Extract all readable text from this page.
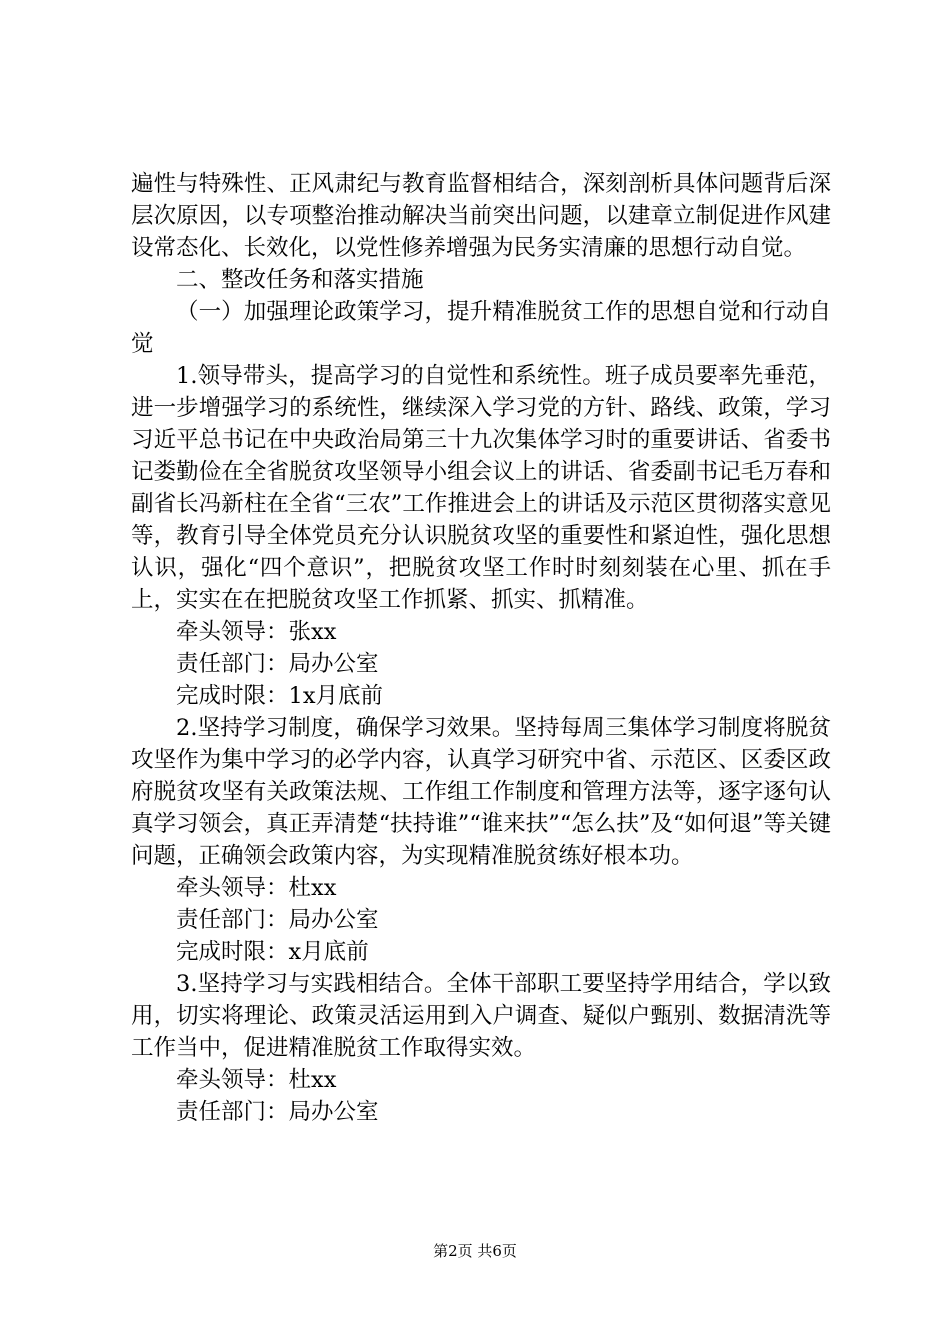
遍性与特殊性、正风肃纪与教育监督相结合，深刻剖析具体问题背后深层次原因，以专项整治推动解决当前突出问题，以建章立制促进作风建设常态化、长效化，以党性修养增强为民务实清廉的思想行动自觉。

二、整改任务和落实措施

（一）加强理论政策学习，提升精准脱贫工作的思想自觉和行动自觉

1.领导带头，提高学习的自觉性和系统性。班子成员要率先垂范，进一步增强学习的系统性，继续深入学习党的方针、路线、政策，学习习近平总书记在中央政治局第三十九次集体学习时的重要讲话、省委书记娄勤俭在全省脱贫攻坚领导小组会议上的讲话、省委副书记毛万春和副省长冯新柱在全省“三农”工作推进会上的讲话及示范区贯彻落实意见等，教育引导全体党员充分认识脱贫攻坚的重要性和紧迫性，强化思想认识，强化“四个意识”，把脱贫攻坚工作时时刻刻装在心里、抓在手上，实实在在把脱贫攻坚工作抓紧、抓实、抓精准。

牵头领导：张xx

责任部门：局办公室

完成时限：1x月底前

2.坚持学习制度，确保学习效果。坚持每周三集体学习制度将脱贫攻坚作为集中学习的必学内容，认真学习研究中省、示范区、区委区政府脱贫攻坚有关政策法规、工作组工作制度和管理方法等，逐字逐句认真学习领会，真正弄清楚“扶持谁”“谁来扶”“怎么扶”及“如何退”等关键问题，正确领会政策内容，为实现精准脱贫练好根本功。

牵头领导：杜xx

责任部门：局办公室

完成时限：x月底前

3.坚持学习与实践相结合。全体干部职工要坚持学用结合，学以致用，切实将理论、政策灵活运用到入户调查、疑似户甄别、数据清洗等工作当中，促进精准脱贫工作取得实效。

牵头领导：杜xx

责任部门：局办公室

第2页 共6页
